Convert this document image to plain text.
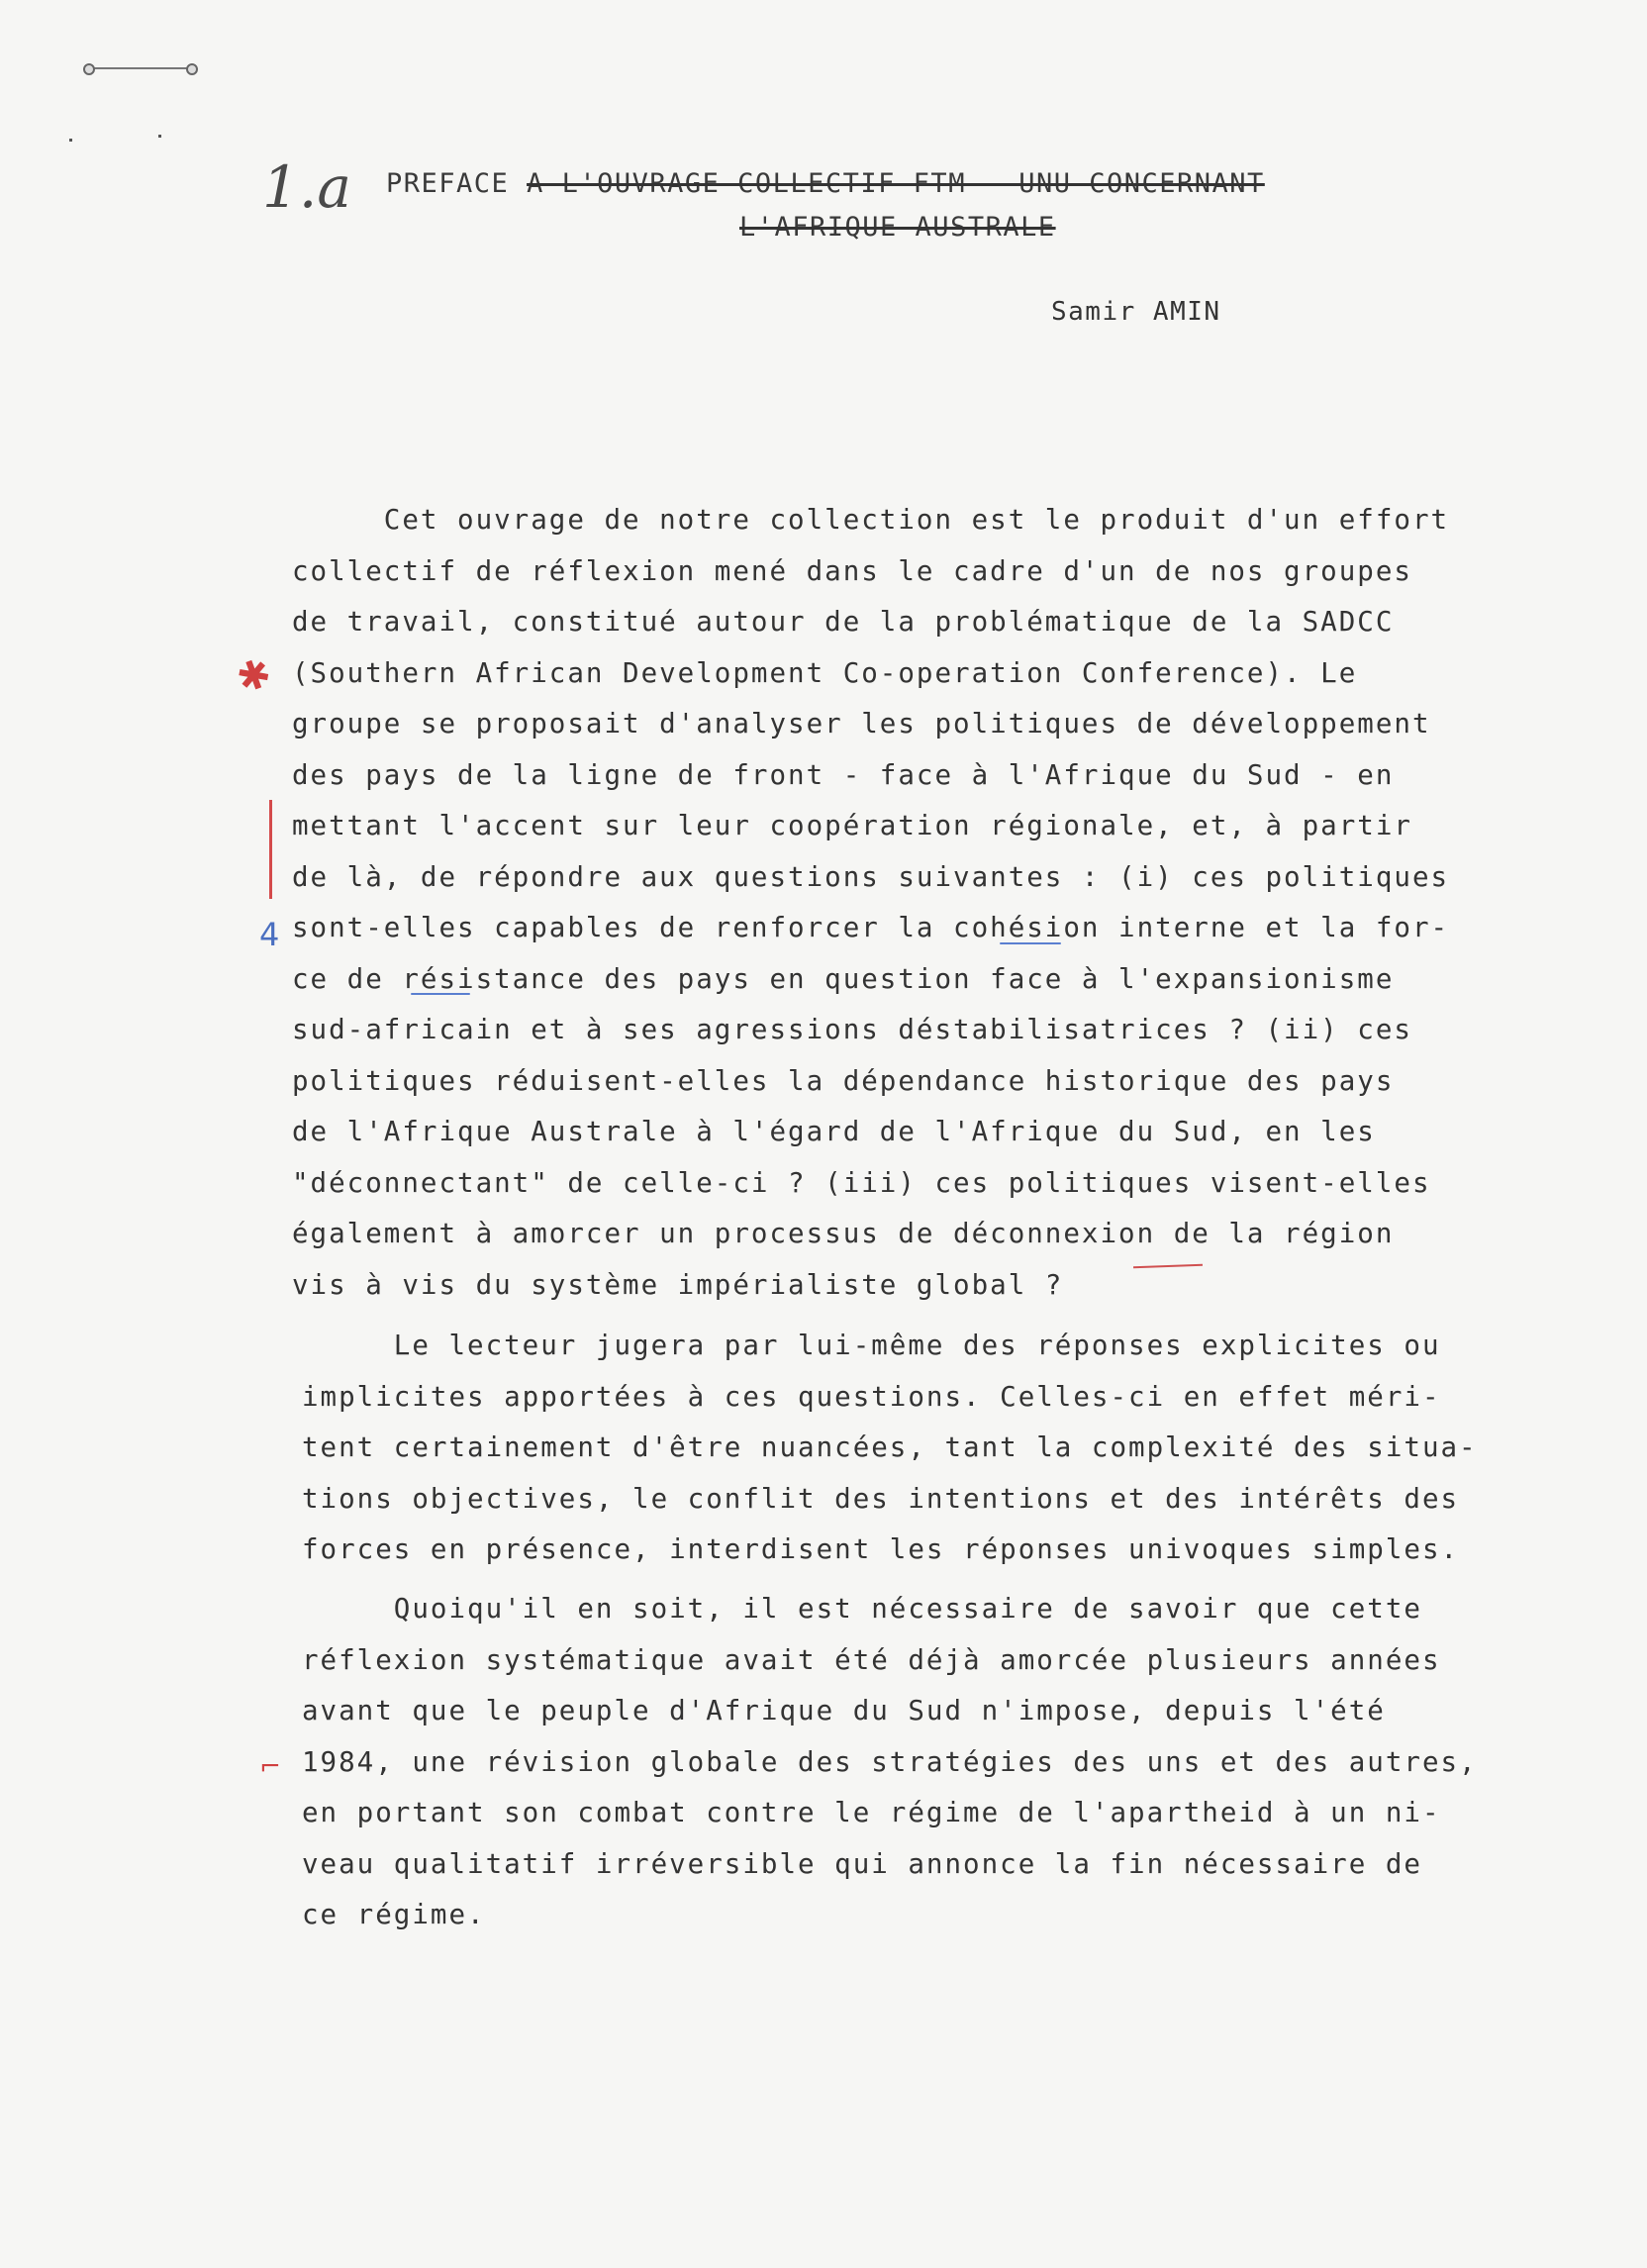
1.a PREFACE A L'OUVRAGE COLLECTIF FTM - UNU CONCERNANT
L'AFRIQUE AUSTRALE
Samir AMIN
✱
4
⌐
Cet ouvrage de notre collection est le produit d'un effort
collectif de réflexion mené dans le cadre d'un de nos groupes
de travail, constitué autour de la problématique de la SADCC
(Southern African Development Co-operation Conference). Le
groupe se proposait d'analyser les politiques de développement
des pays de la ligne de front - face à l'Afrique du Sud - en
mettant l'accent sur leur coopération régionale, et, à partir
de là, de répondre aux questions suivantes : (i) ces politiques
sont-elles capables de renforcer la cohésion interne et la for-
ce de résistance des pays en question face à l'expansionisme
sud-africain et à ses agressions déstabilisatrices ? (ii) ces
politiques réduisent-elles la dépendance historique des pays
de l'Afrique Australe à l'égard de l'Afrique du Sud, en les
"déconnectant" de celle-ci ? (iii) ces politiques visent-elles
également à amorcer un processus de déconnexion de la région
vis à vis du système impérialiste global ?
Le lecteur jugera par lui-même des réponses explicites ou
implicites apportées à ces questions. Celles-ci en effet méri-
tent certainement d'être nuancées, tant la complexité des situa-
tions objectives, le conflit des intentions et des intérêts des
forces en présence, interdisent les réponses univoques simples.
Quoiqu'il en soit, il est nécessaire de savoir que cette
réflexion systématique avait été déjà amorcée plusieurs années
avant que le peuple d'Afrique du Sud n'impose, depuis l'été
1984, une révision globale des stratégies des uns et des autres,
en portant son combat contre le régime de l'apartheid à un ni-
veau qualitatif irréversible qui annonce la fin nécessaire de
ce régime.
